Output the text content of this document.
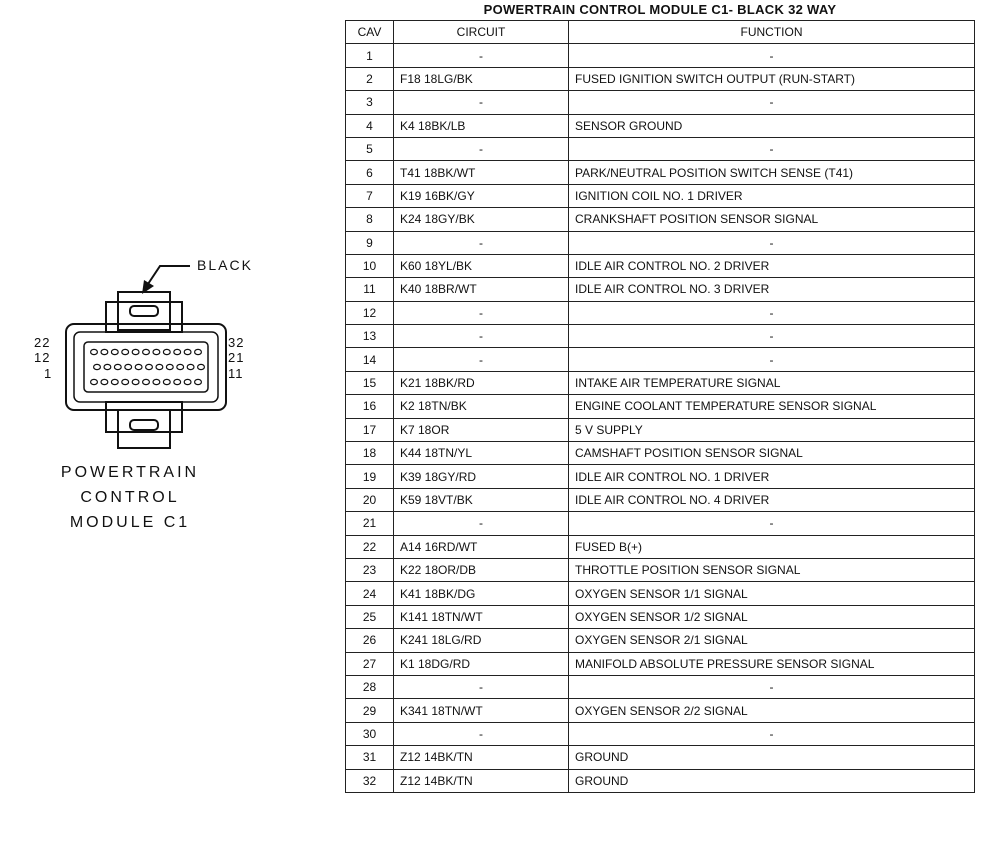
BLACK
22
12
1
32
21
11
POWERTRAIN
CONTROL
MODULE C1
POWERTRAIN CONTROL MODULE C1- BLACK 32 WAY
CAV	CIRCUIT	FUNCTION
1	-	-
2	F18 18LG/BK	FUSED IGNITION SWITCH OUTPUT (RUN-START)
3	-	-
4	K4 18BK/LB	SENSOR GROUND
5	-	-
6	T41 18BK/WT	PARK/NEUTRAL POSITION SWITCH SENSE (T41)
7	K19 16BK/GY	IGNITION COIL NO. 1 DRIVER
8	K24 18GY/BK	CRANKSHAFT POSITION SENSOR SIGNAL
9	-	-
10	K60 18YL/BK	IDLE AIR CONTROL NO. 2 DRIVER
11	K40 18BR/WT	IDLE AIR CONTROL NO. 3 DRIVER
12	-	-
13	-	-
14	-	-
15	K21 18BK/RD	INTAKE AIR TEMPERATURE SIGNAL
16	K2 18TN/BK	ENGINE COOLANT TEMPERATURE SENSOR SIGNAL
17	K7 18OR	5 V SUPPLY
18	K44 18TN/YL	CAMSHAFT POSITION SENSOR SIGNAL
19	K39 18GY/RD	IDLE AIR CONTROL NO. 1 DRIVER
20	K59 18VT/BK	IDLE AIR CONTROL NO. 4 DRIVER
21	-	-
22	A14 16RD/WT	FUSED B(+)
23	K22 18OR/DB	THROTTLE POSITION SENSOR SIGNAL
24	K41 18BK/DG	OXYGEN SENSOR 1/1 SIGNAL
25	K141 18TN/WT	OXYGEN SENSOR 1/2 SIGNAL
26	K241 18LG/RD	OXYGEN SENSOR 2/1 SIGNAL
27	K1 18DG/RD	MANIFOLD ABSOLUTE PRESSURE SENSOR SIGNAL
28	-	-
29	K341 18TN/WT	OXYGEN SENSOR 2/2 SIGNAL
30	-	-
31	Z12 14BK/TN	GROUND
32	Z12 14BK/TN	GROUND
